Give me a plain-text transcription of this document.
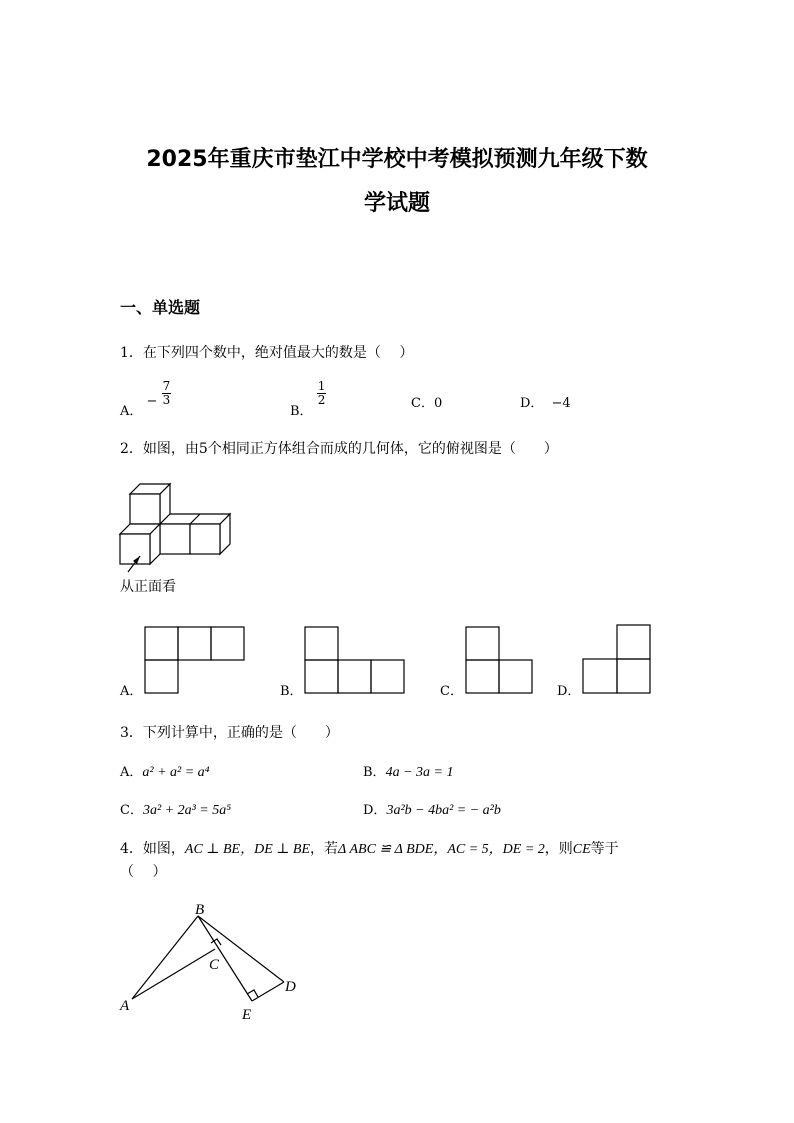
2025年重庆市垫江中学校中考模拟预测九年级下数
学试题
一、单选题
1．在下列四个数中，绝对值最大的数是（　 ）
A． − $\frac{7}{3}$
B．
$\frac{1}{2}$	C．0	D． −4
2．如图，由5个相同正方体组合而成的几何体，它的俯视图是（　　）
从正面看
A．	B．	C．	D．
3．下列计算中，正确的是（　　）
A．a² + a² = a⁴	B．4a − 3a = 1
C．3a² + 2a³ = 5a⁵	D．3a²b − 4ba² = − a²b
4．如图，AC ⊥ BE，DE ⊥ BE，若Δ ABC ≌ Δ BDE，AC = 5，DE = 2，则CE等于
（　 ）
B
C
A
E
D
